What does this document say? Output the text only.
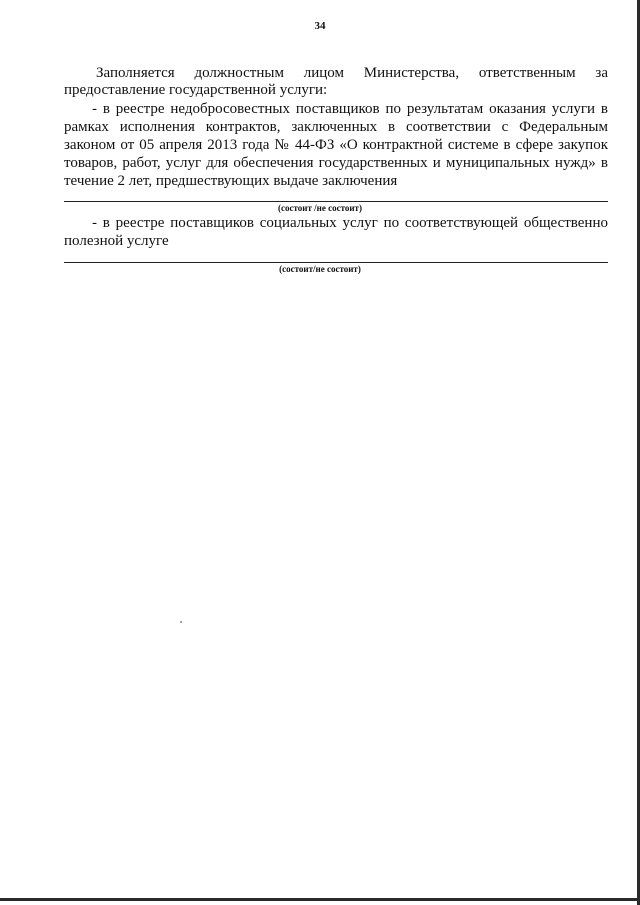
34
Заполняется должностным лицом Министерства, ответственным за
предоставление государственной услуги:
- в реестре недобросовестных поставщиков по результатам оказания услуги в
рамках исполнения контрактов, заключенных в соответствии с Федеральным
законом от 05 апреля 2013 года № 44-ФЗ «О контрактной системе в сфере закупок
товаров, работ, услуг для обеспечения государственных и муниципальных нужд» в
течение 2 лет, предшествующих выдаче заключения
(состоит /не состоит)
- в реестре поставщиков социальных услуг по соответствующей общественно
полезной услуге
(состоит/не состоит)
